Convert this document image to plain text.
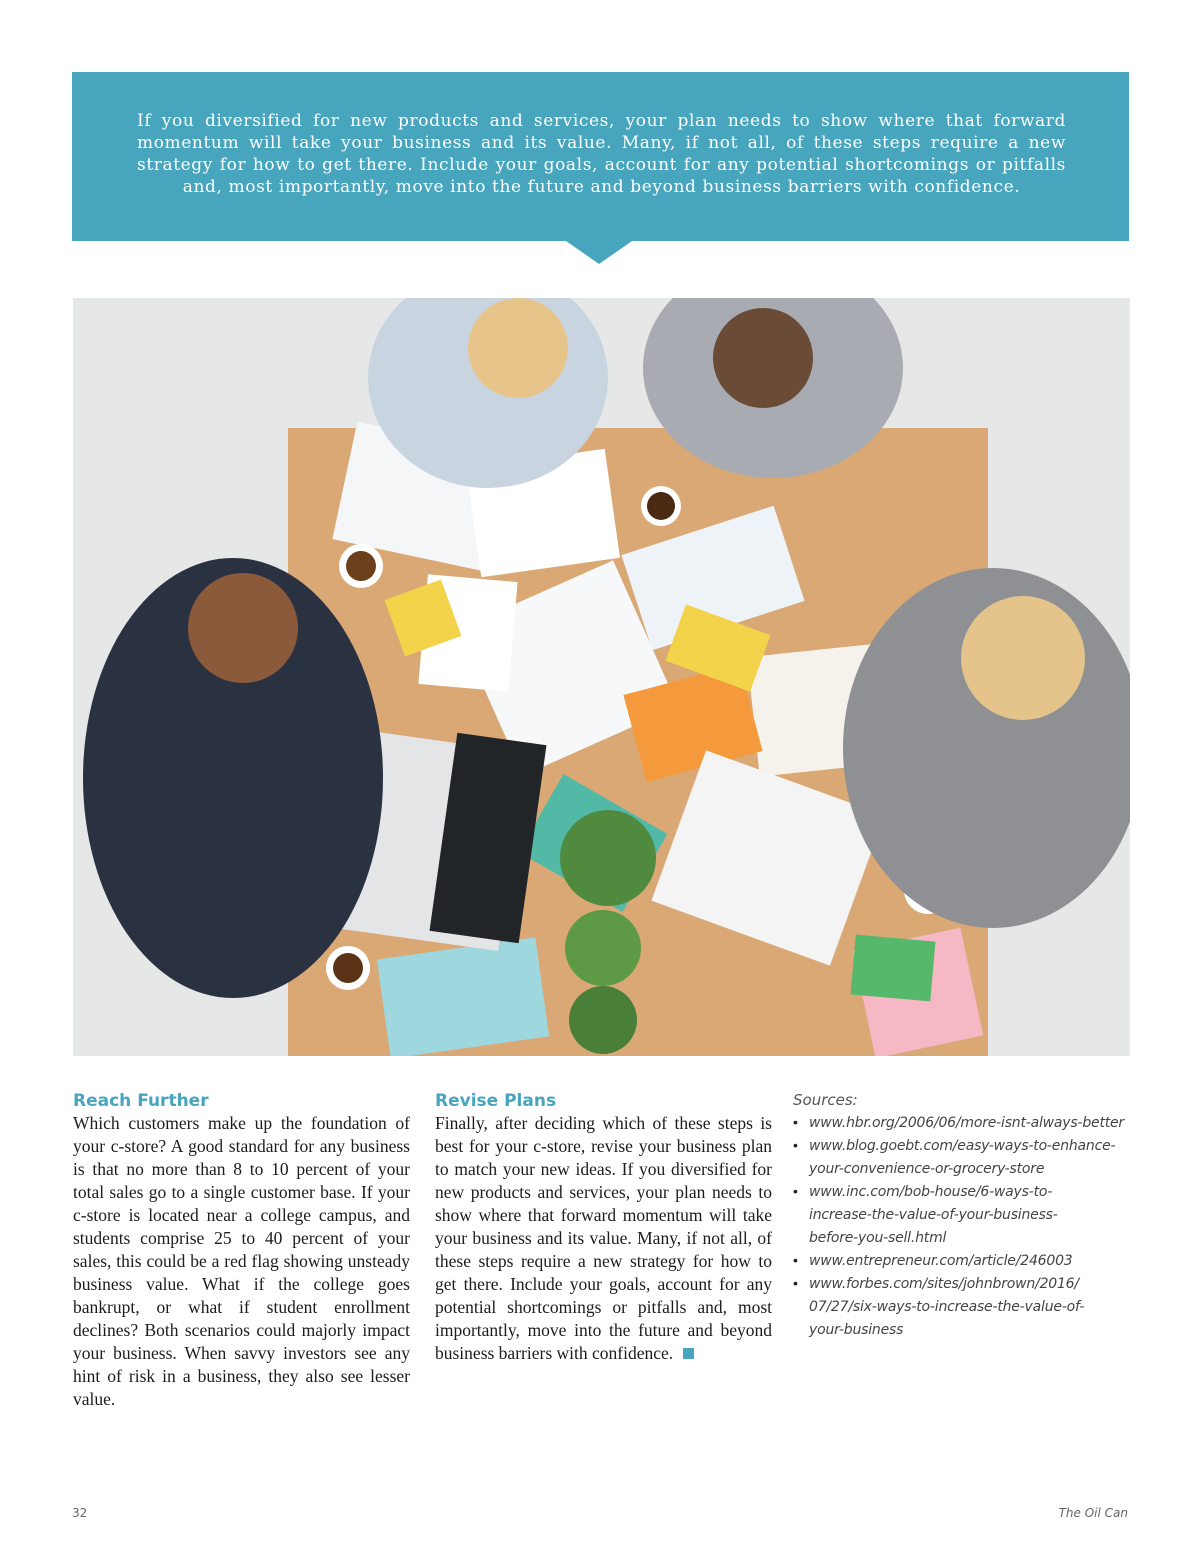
If you diversified for new products and services, your plan needs to show where that forward momentum will take your business and its value. Many, if not all, of these steps require a new strategy for how to get there. Include your goals, account for any potential shortcomings or pitfalls and, most importantly, move into the future and beyond business barriers with confidence.

Reach Further

Which customers make up the foundation of your c-store? A good standard for any business is that no more than 8 to 10 percent of your total sales go to a single customer base. If your c-store is located near a college campus, and students comprise 25 to 40 percent of your sales, this could be a red flag showing unsteady business value. What if the college goes bankrupt, or what if student enrollment declines? Both scenarios could majorly impact your business. When savvy investors see any hint of risk in a business, they also see lesser value.

Revise Plans

Finally, after deciding which of these steps is best for your c-store, revise your business plan to match your new ideas. If you diversified for new products and services, your plan needs to show where that forward momentum will take your business and its value. Many, if not all, of these steps require a new strategy for how to get there. Include your goals, account for any potential shortcomings or pitfalls and, most importantly, move into the future and beyond business barriers with confidence.

Sources:
• www.hbr.org/2006/06/more-isnt-always-better
• www.blog.goebt.com/easy-ways-to-enhance-
your-convenience-or-grocery-store
• www.inc.com/bob-house/6-ways-to-
increase-the-value-of-your-business-
before-you-sell.html
• www.entrepreneur.com/article/246003
• www.forbes.com/sites/johnbrown/2016/
07/27/six-ways-to-increase-the-value-of-
your-business
32	The Oil Can
